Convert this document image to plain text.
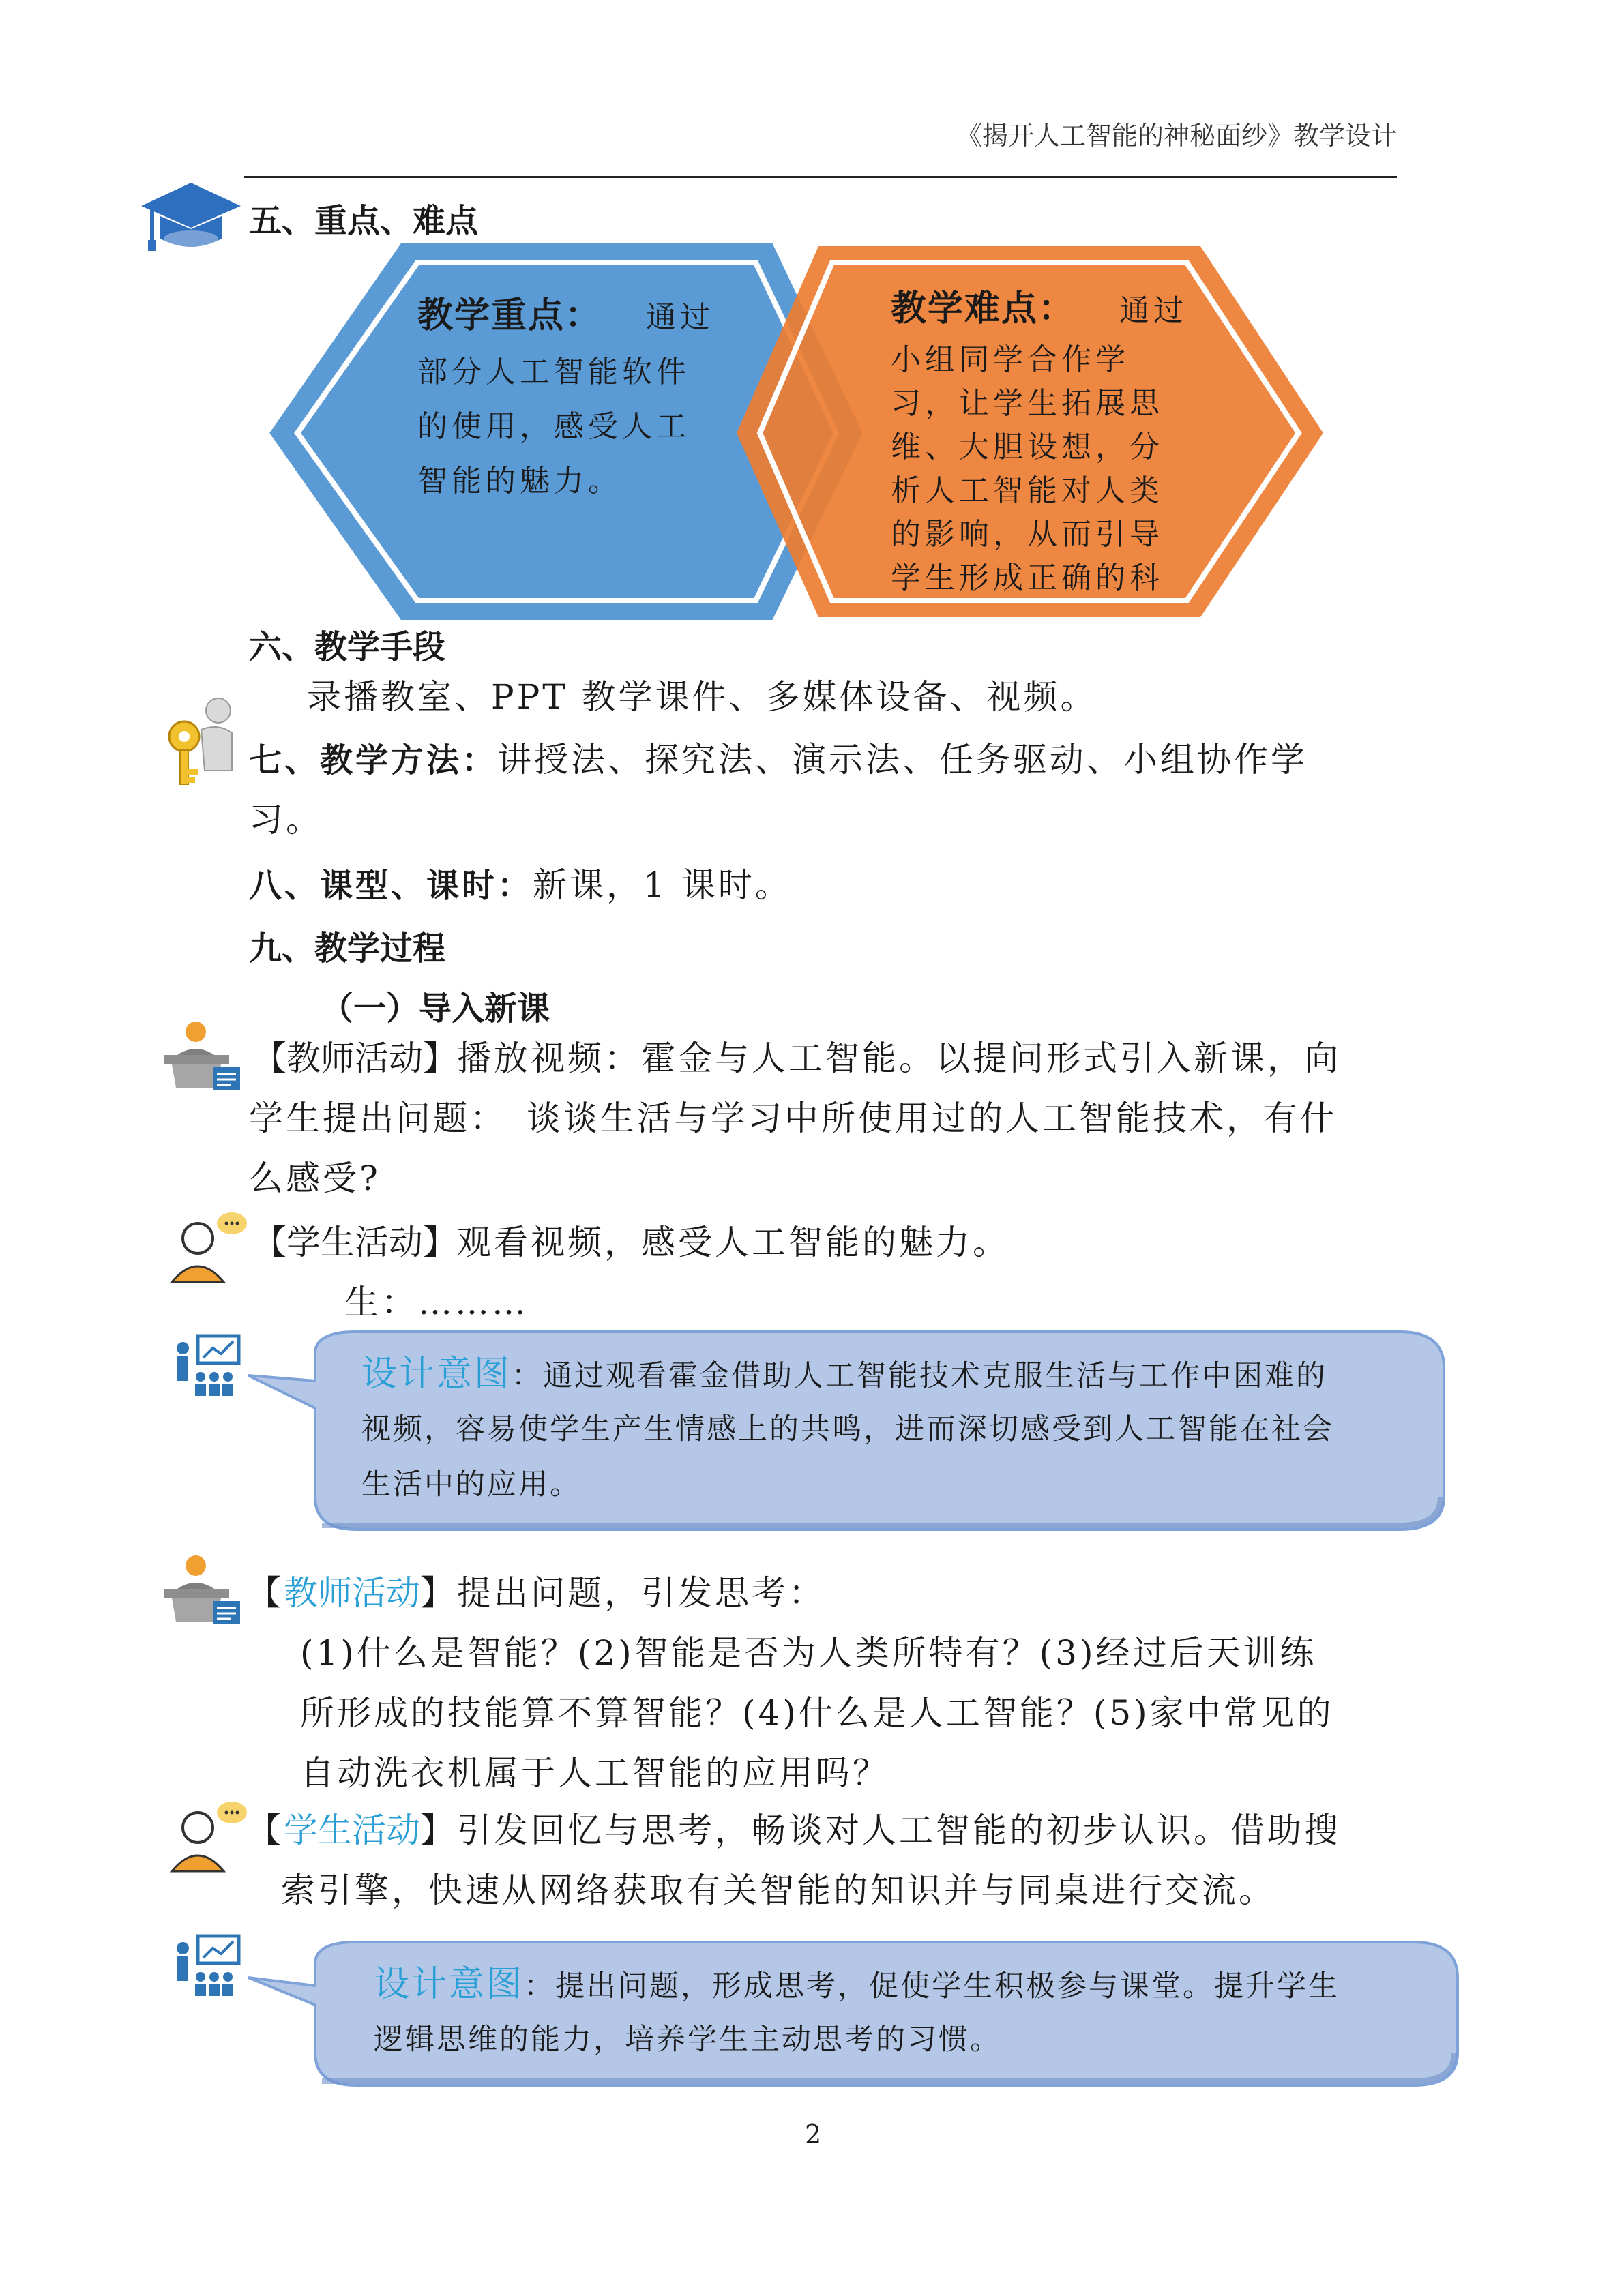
《揭开人工智能的神秘面纱》教学设计
五、重点、难点
教学重点： 通过
部分人工智能软件
的使用，感受人工
智能的魅力。
教学难点： 通过
小组同学合作学
习，让学生拓展思
维、大胆设想，分
析人工智能对人类
的影响，从而引导
学生形成正确的科
六、教学手段
录播教室、PPT 教学课件、多媒体设备、视频。
七、教学方法：讲授法、探究法、演示法、任务驱动、小组协作学
习。
八、课型、课时：新课，1 课时。
九、教学过程
（一）导入新课
【教师活动】播放视频：霍金与人工智能。以提问形式引入新课，向
学生提出问题：　谈谈生活与学习中所使用过的人工智能技术，有什
么感受?
【学生活动】观看视频，感受人工智能的魅力。
生：………
设计意图：通过观看霍金借助人工智能技术克服生活与工作中困难的
视频，容易使学生产生情感上的共鸣，进而深切感受到人工智能在社会
生活中的应用。
【教师活动】提出问题，引发思考：
(1)什么是智能？(2)智能是否为人类所特有？(3)经过后天训练
所形成的技能算不算智能？(4)什么是人工智能？(5)家中常见的
自动洗衣机属于人工智能的应用吗？
【学生活动】引发回忆与思考，畅谈对人工智能的初步认识。借助搜
索引擎，快速从网络获取有关智能的知识并与同桌进行交流。
设计意图：提出问题，形成思考，促使学生积极参与课堂。提升学生
逻辑思维的能力，培养学生主动思考的习惯。
2
